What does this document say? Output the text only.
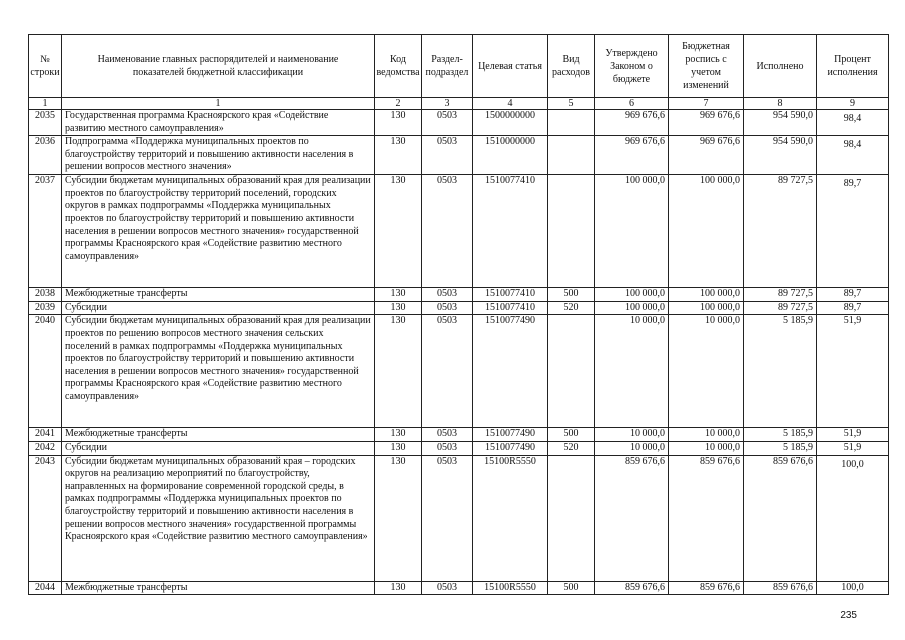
№ строки	Наименование главных распорядителей и наименование показателей бюджетной классификации	Код ведомства	Раздел-подраздел	Целевая статья	Вид расходов	Утверждено Законом о бюджете	Бюджетная роспись с учетом изменений	Исполнено	Процент исполнения
1	1	2	3	4	5	6	7	8	9
2035	Государственная программа Красноярского края «Содействие развитию местного самоуправления»	130	0503	1500000000		969 676,6	969 676,6	954 590,0	98,4
2036	Подпрограмма «Поддержка муниципальных проектов по благоустройству территорий и повышению активности населения в решении вопросов местного значения»	130	0503	1510000000		969 676,6	969 676,6	954 590,0	98,4
2037	Субсидии бюджетам муниципальных образований края для реализации проектов по благоустройству территорий поселений, городских округов в рамках подпрограммы «Поддержка муниципальных проектов по благоустройству территорий и повышению активности населения в решении вопросов местного значения» государственной программы Красноярского края «Содействие развитию местного самоуправления»	130	0503	1510077410		100 000,0	100 000,0	89 727,5	89,7
2038	Межбюджетные трансферты	130	0503	1510077410	500	100 000,0	100 000,0	89 727,5	89,7
2039	Субсидии	130	0503	1510077410	520	100 000,0	100 000,0	89 727,5	89,7
2040	Субсидии бюджетам муниципальных образований края для реализации проектов по решению вопросов местного значения сельских поселений в рамках подпрограммы «Поддержка муниципальных проектов по благоустройству территорий и повышению активности населения в решении вопросов местного значения» государственной программы Красноярского края «Содействие развитию местного самоуправления»	130	0503	1510077490		10 000,0	10 000,0	5 185,9	51,9
2041	Межбюджетные трансферты	130	0503	1510077490	500	10 000,0	10 000,0	5 185,9	51,9
2042	Субсидии	130	0503	1510077490	520	10 000,0	10 000,0	5 185,9	51,9
2043	Субсидии бюджетам муниципальных образований края – городских округов на реализацию мероприятий по благоустройству, направленных на формирование современной городской среды, в рамках подпрограммы «Поддержка муниципальных проектов по благоустройству территорий и повышению активности населения в решении вопросов местного значения» государственной программы Красноярского края «Содействие развитию местного самоуправления»	130	0503	15100R5550		859 676,6	859 676,6	859 676,6	100,0
2044	Межбюджетные трансферты	130	0503	15100R5550	500	859 676,6	859 676,6	859 676,6	100,0
235
